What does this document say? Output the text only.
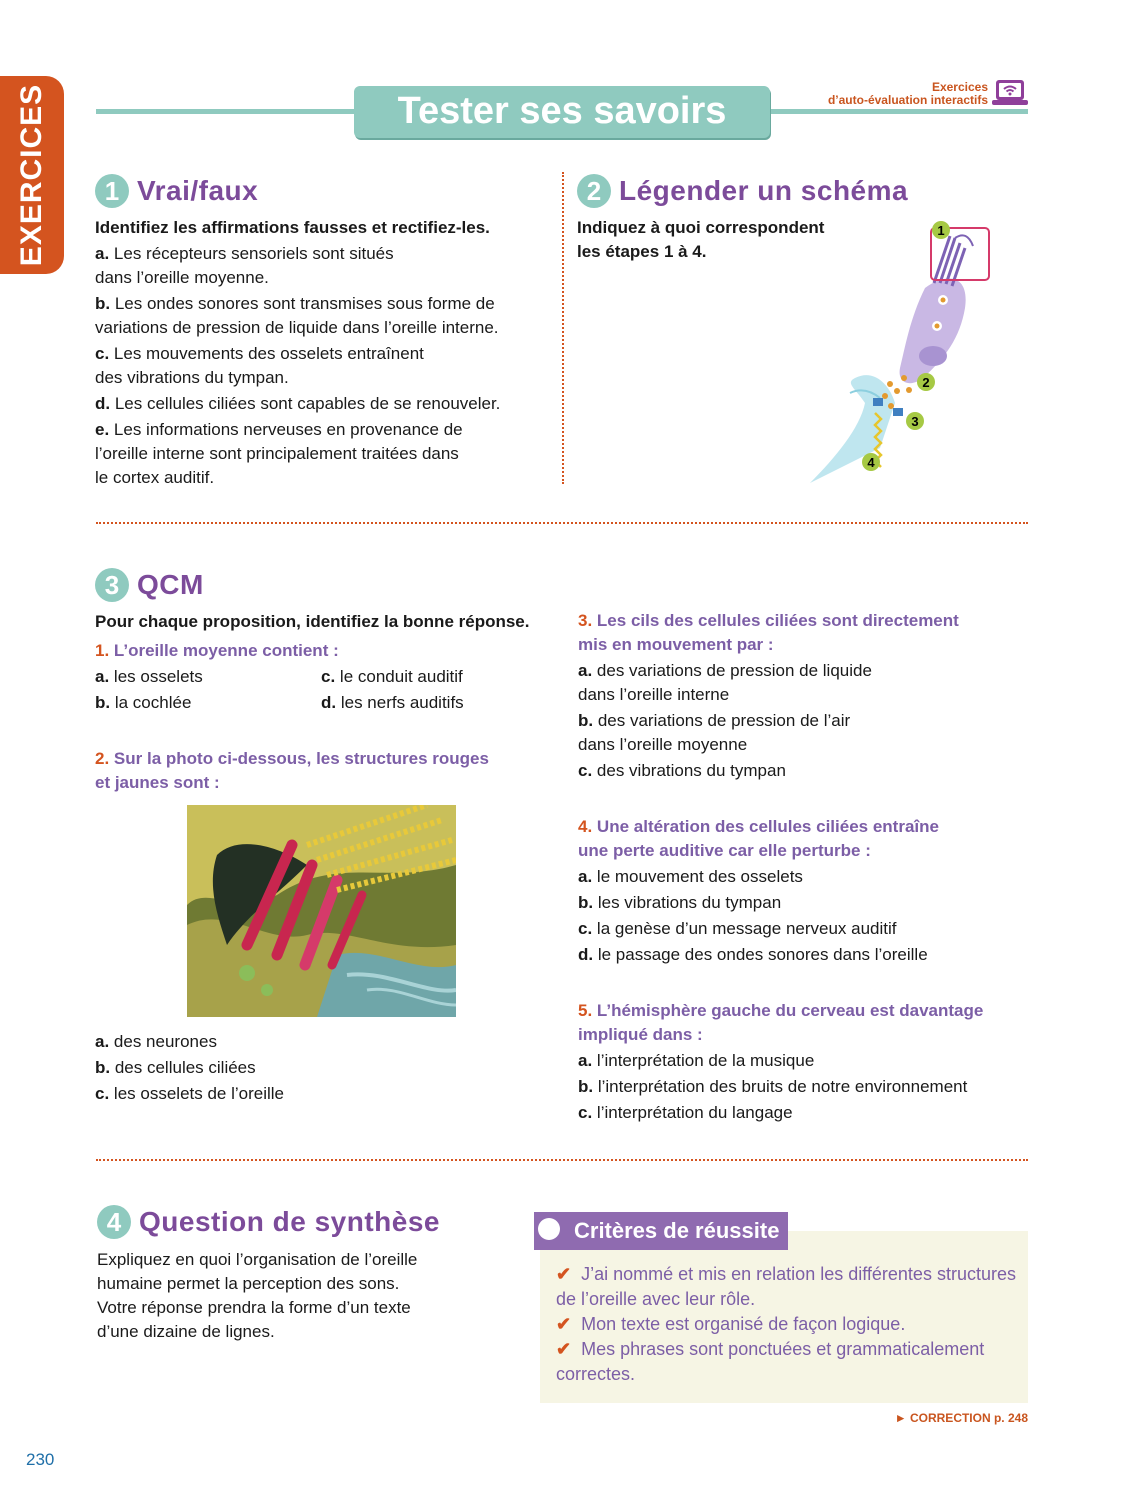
EXERCICES	Tester ses savoirs
Exercices
d’auto-évaluation interactifs
1 Vrai/faux
Identifiez les affirmations fausses et rectifiez-les.

a. Les récepteurs sensoriels sont situés dans l’oreille moyenne.

b. Les ondes sonores sont transmises sous forme de variations de pression de liquide dans l’oreille interne.

c. Les mouvements des osselets entraînent des vibrations du tympan.

d. Les cellules ciliées sont capables de se renouveler.

e. Les informations nerveuses en provenance de l’oreille interne sont principalement traitées dans le cortex auditif.

2 Légender un schéma
Indiquez à quoi correspondent
les étapes 1 à 4.
1
2
3
4
3 QCM
Pour chaque proposition, identifiez la bonne réponse.
1. L’oreille moyenne contient :
a. les osselets
b. la cochlée
c. le conduit auditif
d. les nerfs auditifs
2. Sur la photo ci-dessous, les structures rouges
et jaunes sont :
a. des neurones
b. des cellules ciliées
c. les osselets de l’oreille
3. Les cils des cellules ciliées sont directement
mis en mouvement par :
a. des variations de pression de liquide
dans l’oreille interne
b. des variations de pression de l’air
dans l’oreille moyenne
c. des vibrations du tympan
4. Une altération des cellules ciliées entraîne
une perte auditive car elle perturbe :
a. le mouvement des osselets
b. les vibrations du tympan
c. la genèse d’un message nerveux auditif
d. le passage des ondes sonores dans l’oreille
5. L’hémisphère gauche du cerveau est davantage
impliqué dans :
a. l’interprétation de la musique
b. l’interprétation des bruits de notre environnement
c. l’interprétation du langage
4 Question de synthèse
Expliquez en quoi l’organisation de l’oreille
humaine permet la perception des sons.
Votre réponse prendra la forme d’un texte
d’une dizaine de lignes.
Critères de réussite
✔ J’ai nommé et mis en relation les différentes structures de l’oreille avec leur rôle.
✔ Mon texte est organisé de façon logique.
✔ Mes phrases sont ponctuées et grammaticalement correctes.
► CORRECTION p. 248
230
